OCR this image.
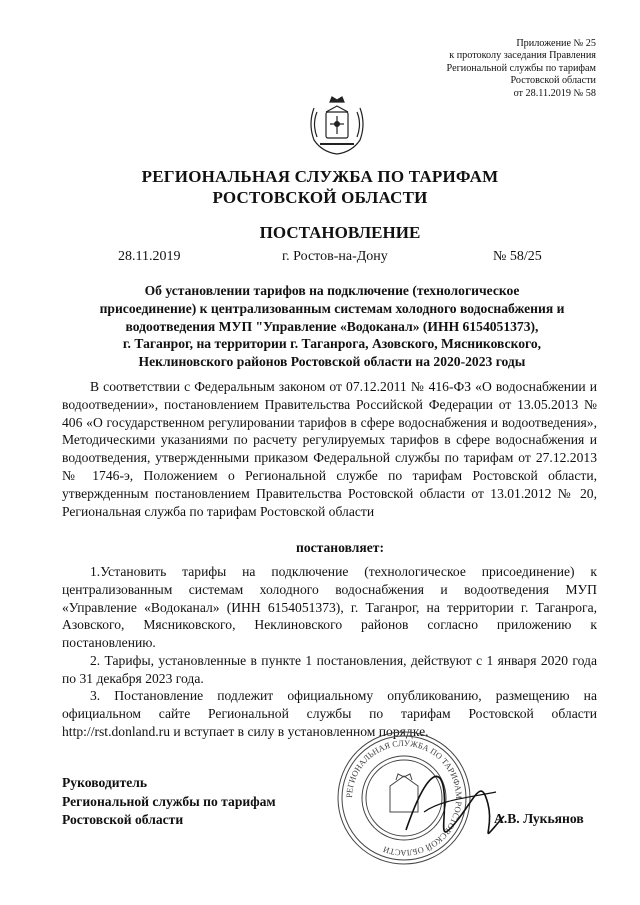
Приложение № 25
к протоколу заседания Правления
Региональной службы по тарифам
Ростовской области
от 28.11.2019 № 58
РЕГИОНАЛЬНАЯ СЛУЖБА ПО ТАРИФАМ
РОСТОВСКОЙ ОБЛАСТИ
ПОСТАНОВЛЕНИЕ
28.11.2019	г. Ростов-на-Дону	№ 58/25
Об установлении тарифов на подключение (технологическое
присоединение) к централизованным системам холодного водоснабжения и
водоотведения МУП "Управление «Водоканал» (ИНН 6154051373),
г. Таганрог, на территории г. Таганрога, Азовского, Мясниковского,
Неклиновского районов Ростовской области на 2020-2023 годы
В соответствии с Федеральным законом от 07.12.2011 № 416-ФЗ «О водоснабжении и водоотведении», постановлением Правительства Российской Федерации от 13.05.2013 № 406 «О государственном регулировании тарифов в сфере водоснабжения и водоотведения», Методическими указаниями по расчету регулируемых тарифов в сфере водоснабжения и водоотведения, утвержденными приказом Федеральной службы по тарифам от 27.12.2013 № 1746-э, Положением о Региональной службе по тарифам Ростовской области, утвержденным постановлением Правительства Ростовской области от 13.01.2012 № 20, Региональная служба по тарифам Ростовской области
постановляет:
1.Установить тарифы на подключение (технологическое присоединение) к централизованным системам холодного водоснабжения и водоотведения МУП «Управление «Водоканал» (ИНН 6154051373), г. Таганрог, на территории г. Таганрога, Азовского, Мясниковского, Неклиновского районов согласно приложению к постановлению.
2. Тарифы, установленные в пункте 1 постановления, действуют с 1 января 2020 года по 31 декабря 2023 года.
3. Постановление подлежит официальному опубликованию, размещению на официальном сайте Региональной службы по тарифам Ростовской области http://rst.donland.ru и вступает в силу в установленном порядке.
РЕГИОНАЛЬНАЯ СЛУЖБА ПО ТАРИФАМ РОСТОВСКОЙ ОБЛАСТИ
Руководитель
Региональной службы по тарифам
Ростовской области	А.В. Лукьянов
